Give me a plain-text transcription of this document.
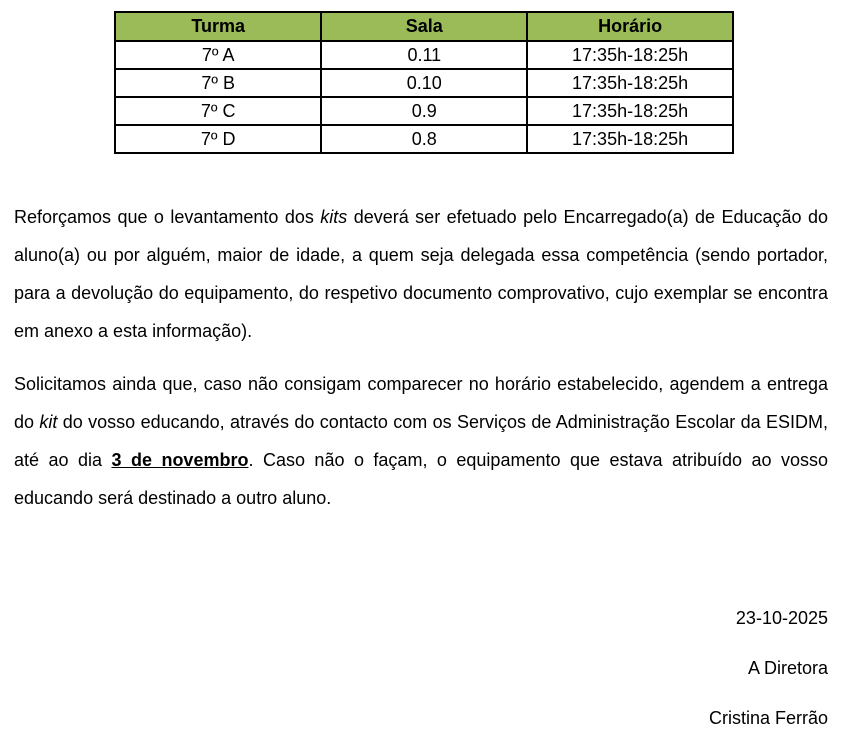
Turma	Sala	Horário
7º A	0.11	17:35h-18:25h
7º B	0.10	17:35h-18:25h
7º C	0.9	17:35h-18:25h
7º D	0.8	17:35h-18:25h

Reforçamos que o levantamento dos kits deverá ser efetuado pelo Encarregado(a) de Educação do aluno(a) ou por alguém, maior de idade, a quem seja delegada essa competência (sendo portador, para a devolução do equipamento, do respetivo documento comprovativo, cujo exemplar se encontra em anexo a esta informação).

Solicitamos ainda que, caso não consigam comparecer no horário estabelecido, agendem a entrega do kit do vosso educando, através do contacto com os Serviços de Administração Escolar da ESIDM, até ao dia 3 de novembro. Caso não o façam, o equipamento que estava atribuído ao vosso educando será destinado a outro aluno.

23-10-2025
A Diretora
Cristina Ferrão
